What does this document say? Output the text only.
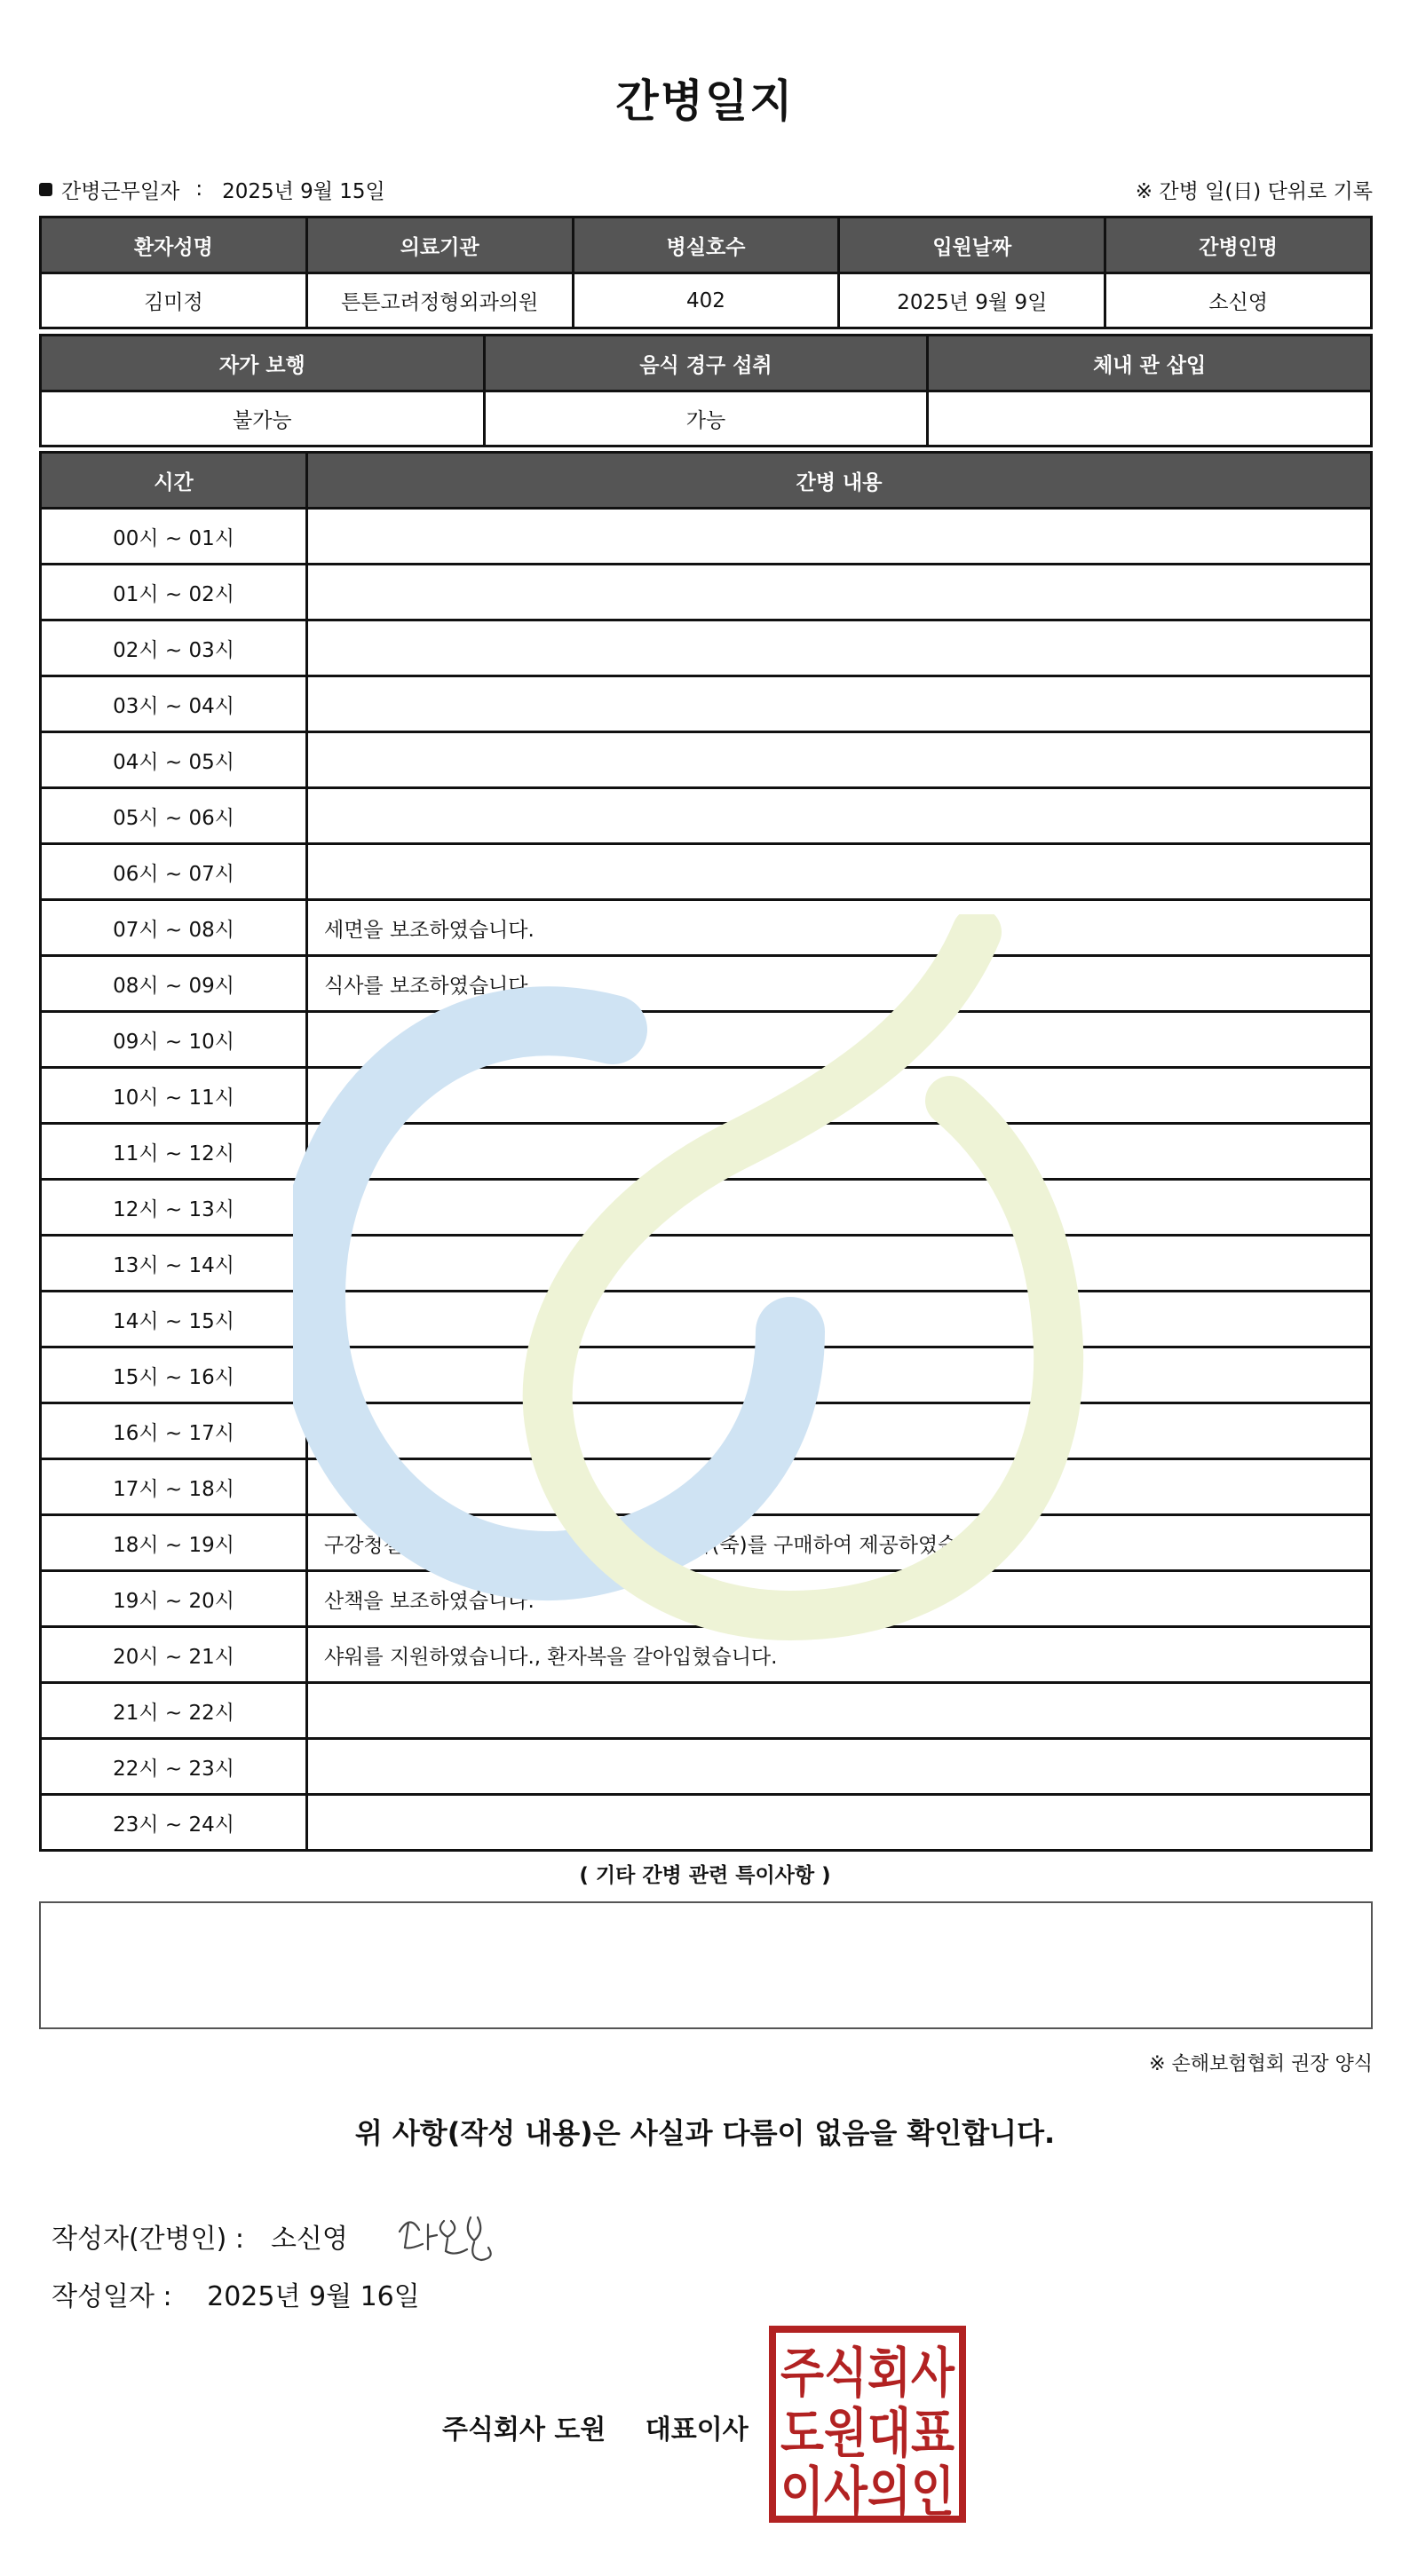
간병일지
간병근무일자 : 2025년 9월 15일	※ 간병 일(日) 단위로 기록
환자성명	의료기관	병실호수	입원날짜	간병인명
김미정	튼튼고려정형외과의원	402	2025년 9월 9일	소신영
자가 보행	음식 경구 섭취	체내 관 삽입
불가능	가능	
시간	간병 내용
00시 ~ 01시	
01시 ~ 02시	
02시 ~ 03시	
03시 ~ 04시	
04시 ~ 05시	
05시 ~ 06시	
06시 ~ 07시	
07시 ~ 08시	세면을 보조하였습니다.
08시 ~ 09시	식사를 보조하였습니다.
09시 ~ 10시	
10시 ~ 11시	
11시 ~ 12시	
12시 ~ 13시	
13시 ~ 14시	
14시 ~ 15시	
15시 ~ 16시	
16시 ~ 17시	
17시 ~ 18시	
18시 ~ 19시	구강청결을 지원하였습니다., 외부에서 식사(죽)를 구매하여 제공하였습니다
19시 ~ 20시	산책을 보조하였습니다.
20시 ~ 21시	샤워를 지원하였습니다., 환자복을 갈아입혔습니다.
21시 ~ 22시	
22시 ~ 23시	
23시 ~ 24시	
( 기타 간병 관련 특이사항 )
※ 손해보험협회 권장 양식
위 사항(작성 내용)은 사실과 다름이 없음을 확인합니다.
작성자(간병인) : 소신영
작성일자 : 2025년 9월 16일
주식회사 도원 대표이사
주식회사
도원대표
이사의인
